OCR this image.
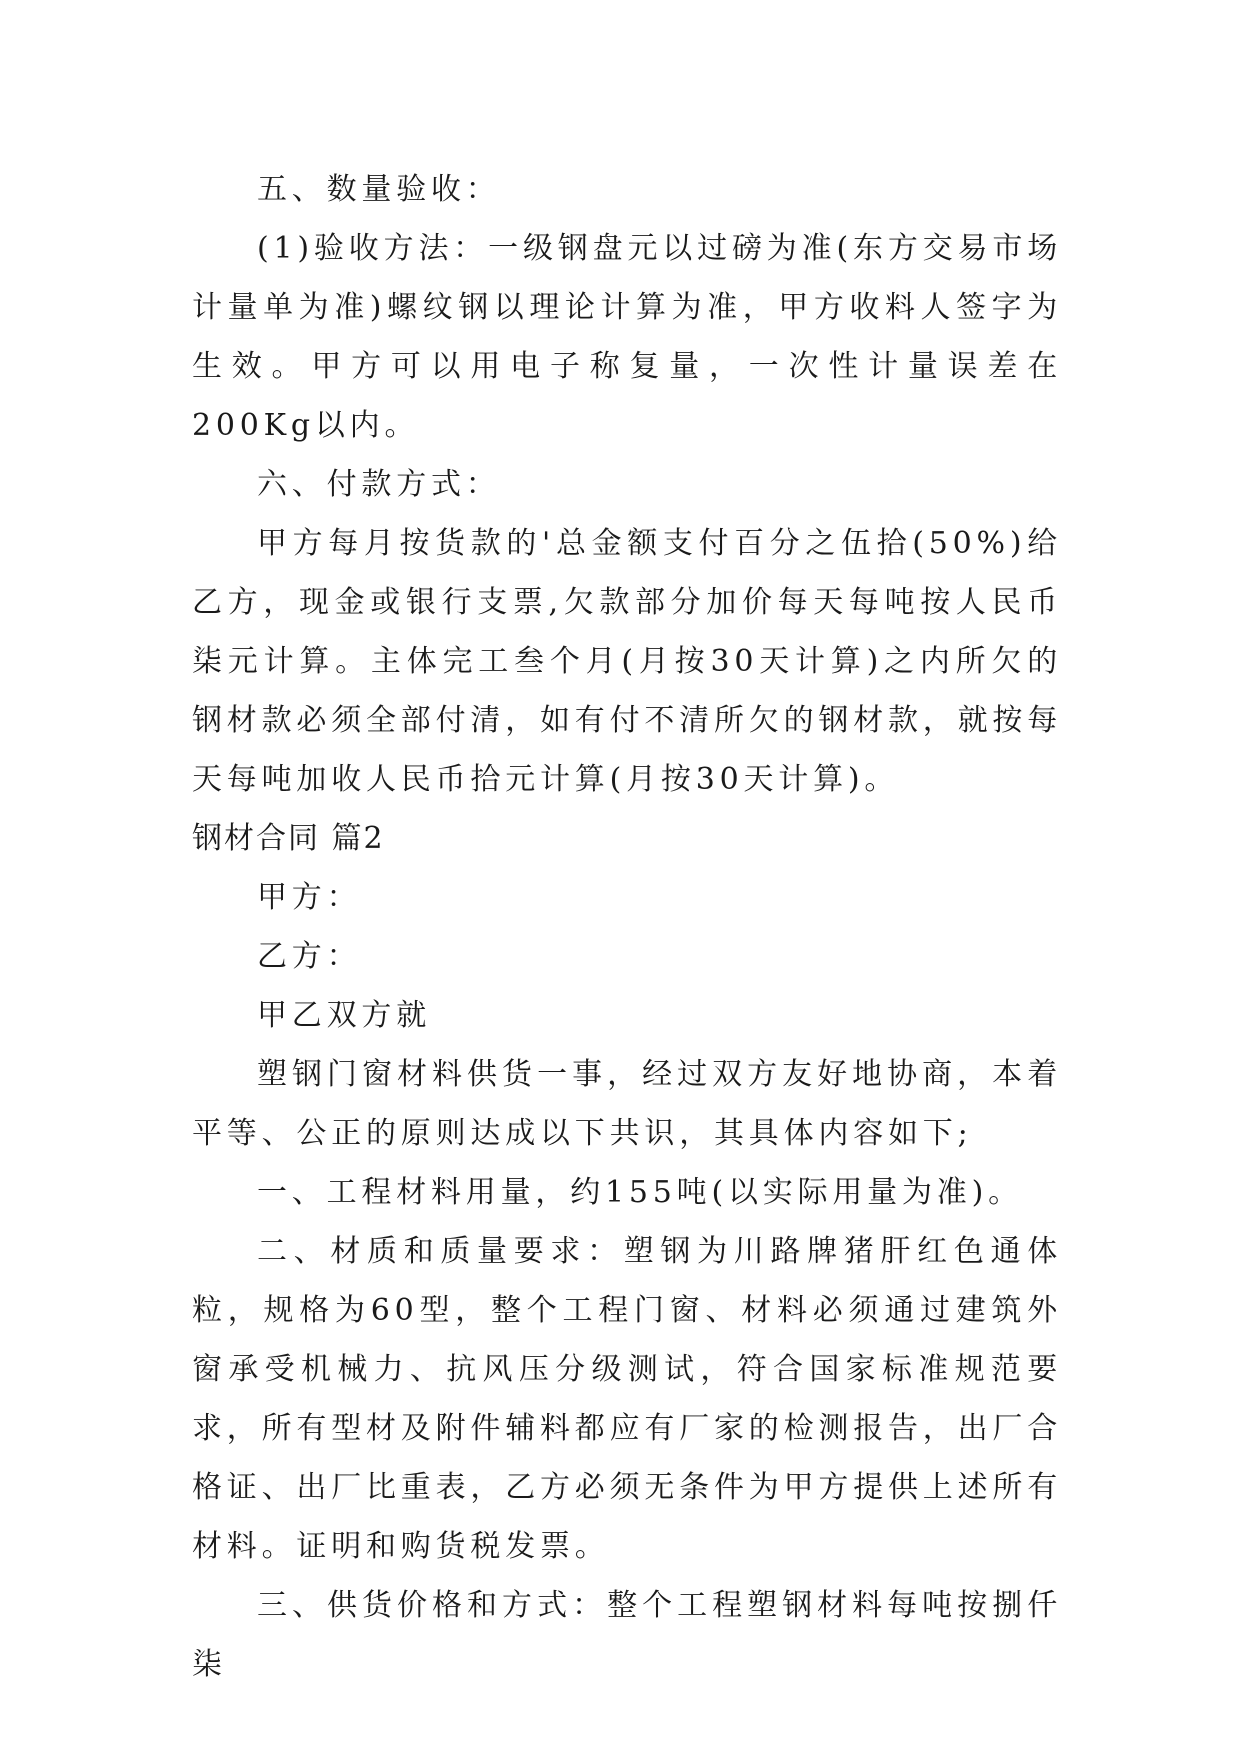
五、数量验收：

(1)验收方法：一级钢盘元以过磅为准(东方交易市场计量单为准)螺纹钢以理论计算为准，甲方收料人签字为生效。甲方可以用电子称复量，一次性计量误差在200Kg以内。

六、付款方式：

甲方每月按货款的'总金额支付百分之伍拾(50%)给乙方，现金或银行支票,欠款部分加价每天每吨按人民币柒元计算。主体完工叁个月(月按30天计算)之内所欠的钢材款必须全部付清，如有付不清所欠的钢材款，就按每天每吨加收人民币拾元计算(月按30天计算)。

钢材合同 篇2

甲方：

乙方：

甲乙双方就

塑钢门窗材料供货一事，经过双方友好地协商，本着平等、公正的原则达成以下共识，其具体内容如下;

一、工程材料用量，约155吨(以实际用量为准)。

二、材质和质量要求：塑钢为川路牌猪肝红色通体粒，规格为60型，整个工程门窗、材料必须通过建筑外窗承受机械力、抗风压分级测试，符合国家标准规范要求，所有型材及附件辅料都应有厂家的检测报告，出厂合格证、出厂比重表，乙方必须无条件为甲方提供上述所有材料。证明和购货税发票。

三、供货价格和方式：整个工程塑钢材料每吨按捌仟柒
